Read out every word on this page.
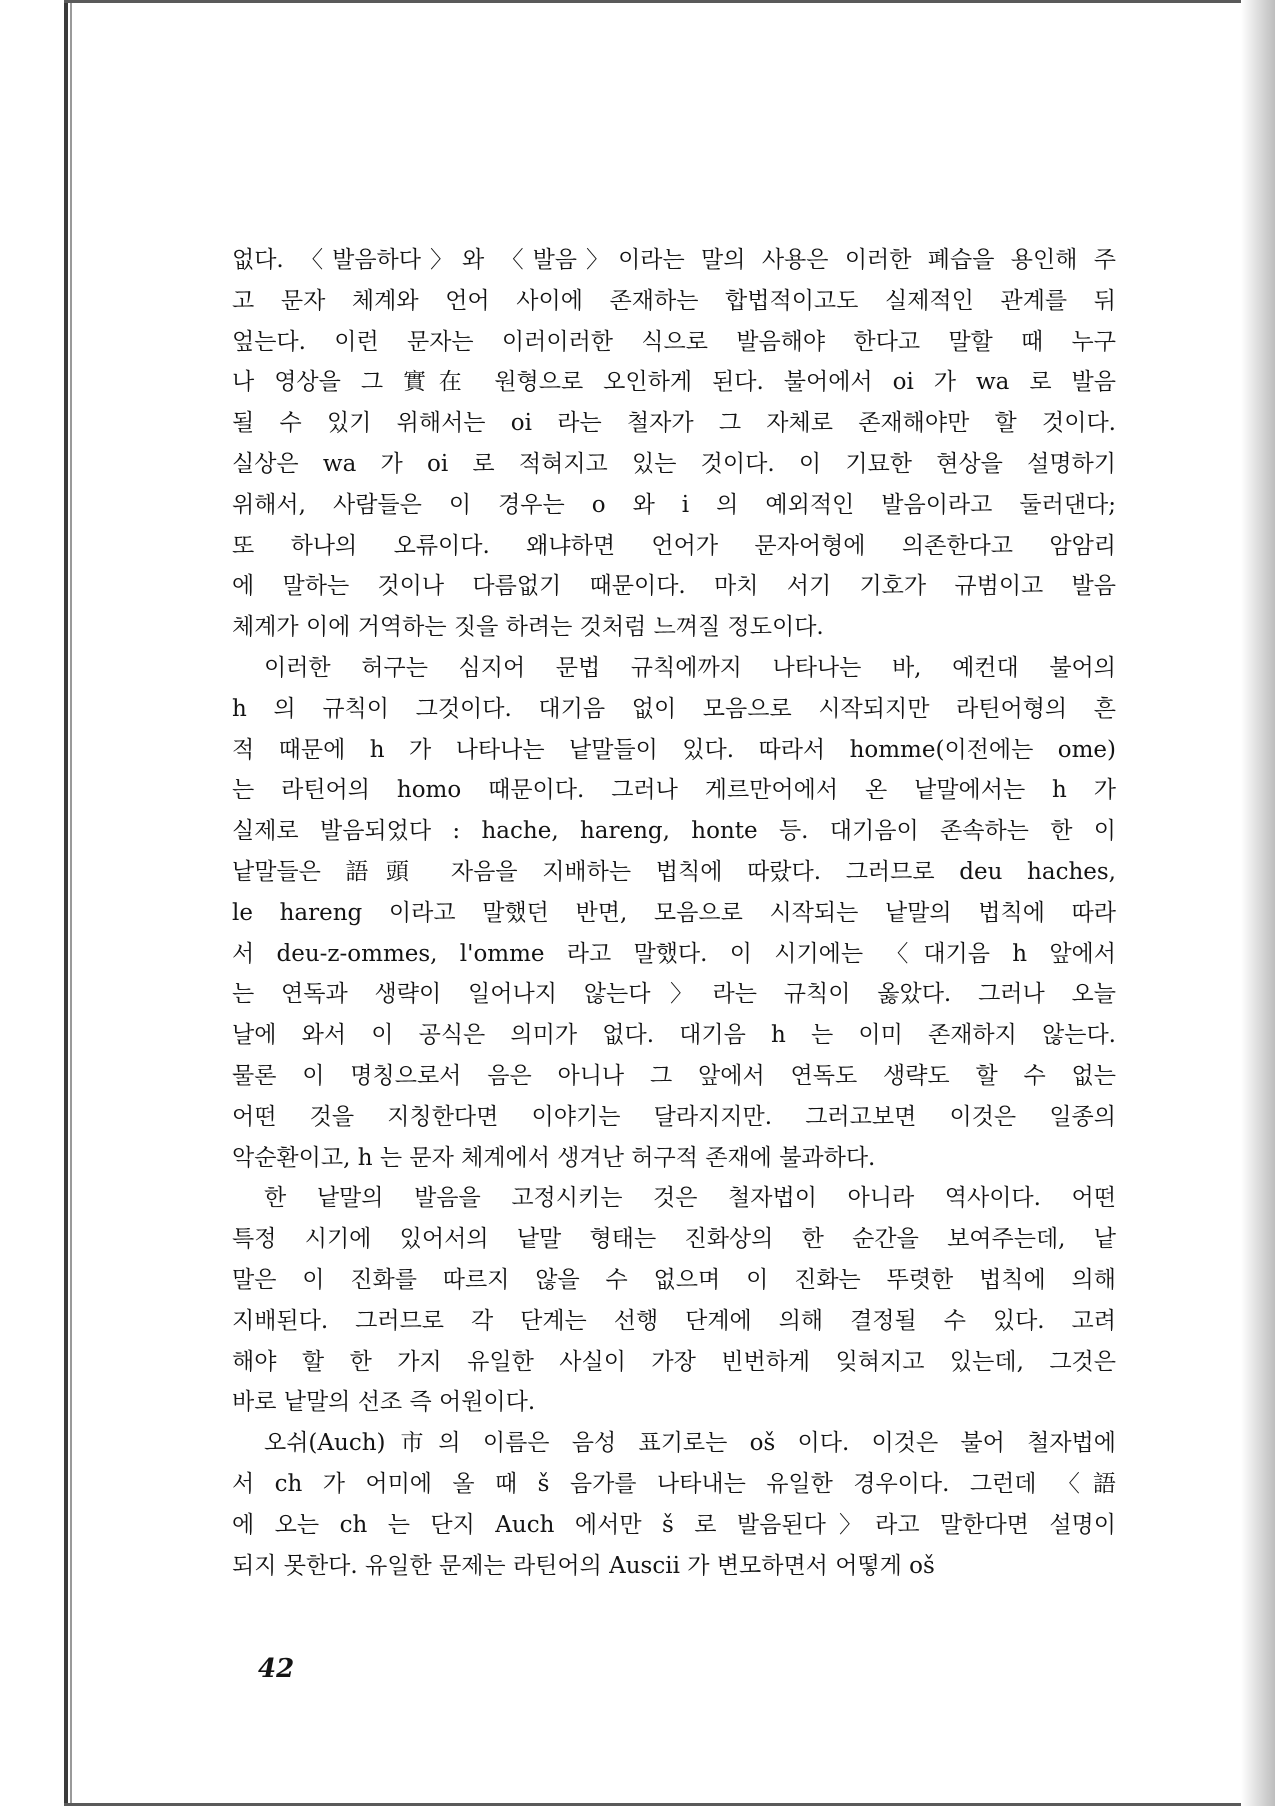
없다. 〈발음하다〉와 〈발음〉이라는 말의 사용은 이러한 폐습을 용인해 주
고 문자 체계와 언어 사이에 존재하는 합법적이고도 실제적인 관계를 뒤
엎는다. 이런 문자는 이러이러한 식으로 발음해야 한다고 말할 때 누구
나 영상을 그 實在 원형으로 오인하게 된다. 불어에서 oi 가 wa 로 발음
될 수 있기 위해서는 oi 라는 철자가 그 자체로 존재해야만 할 것이다.
실상은 wa 가 oi 로 적혀지고 있는 것이다. 이 기묘한 현상을 설명하기
위해서, 사람들은 이 경우는 o 와 i 의 예외적인 발음이라고 둘러댄다;
또 하나의 오류이다. 왜냐하면 언어가 문자어형에 의존한다고 암암리
에 말하는 것이나 다름없기 때문이다. 마치 서기 기호가 규범이고 발음
체계가 이에 거역하는 짓을 하려는 것처럼 느껴질 정도이다.
이러한 허구는 심지어 문법 규칙에까지 나타나는 바, 예컨대 불어의
h 의 규칙이 그것이다. 대기음 없이 모음으로 시작되지만 라틴어형의 흔
적 때문에 h 가 나타나는 낱말들이 있다. 따라서 homme(이전에는 ome)
는 라틴어의 homo 때문이다. 그러나 게르만어에서 온 낱말에서는 h 가
실제로 발음되었다 : hache, hareng, honte 등. 대기음이 존속하는 한 이
낱말들은 語頭 자음을 지배하는 법칙에 따랐다. 그러므로 deu haches,
le hareng 이라고 말했던 반면, 모음으로 시작되는 낱말의 법칙에 따라
서 deu-z-ommes, l'omme 라고 말했다. 이 시기에는 〈대기음 h 앞에서
는 연독과 생략이 일어나지 않는다〉라는 규칙이 옳았다. 그러나 오늘
날에 와서 이 공식은 의미가 없다. 대기음 h 는 이미 존재하지 않는다.
물론 이 명칭으로서 음은 아니나 그 앞에서 연독도 생략도 할 수 없는
어떤 것을 지칭한다면 이야기는 달라지지만. 그러고보면 이것은 일종의
악순환이고, h 는 문자 체계에서 생겨난 허구적 존재에 불과하다.
한 낱말의 발음을 고정시키는 것은 철자법이 아니라 역사이다. 어떤
특정 시기에 있어서의 낱말 형태는 진화상의 한 순간을 보여주는데, 낱
말은 이 진화를 따르지 않을 수 없으며 이 진화는 뚜렷한 법칙에 의해
지배된다. 그러므로 각 단계는 선행 단계에 의해 결정될 수 있다. 고려
해야 할 한 가지 유일한 사실이 가장 빈번하게 잊혀지고 있는데, 그것은
바로 낱말의 선조 즉 어원이다.
오쉬(Auch)市의 이름은 음성 표기로는 oš 이다. 이것은 불어 철자법에
서 ch 가 어미에 올 때 š 음가를 나타내는 유일한 경우이다. 그런데 〈語
에 오는 ch 는 단지 Auch 에서만 š 로 발음된다〉라고 말한다면 설명이
되지 못한다. 유일한 문제는 라틴어의 Auscii 가 변모하면서 어떻게 oš
42
